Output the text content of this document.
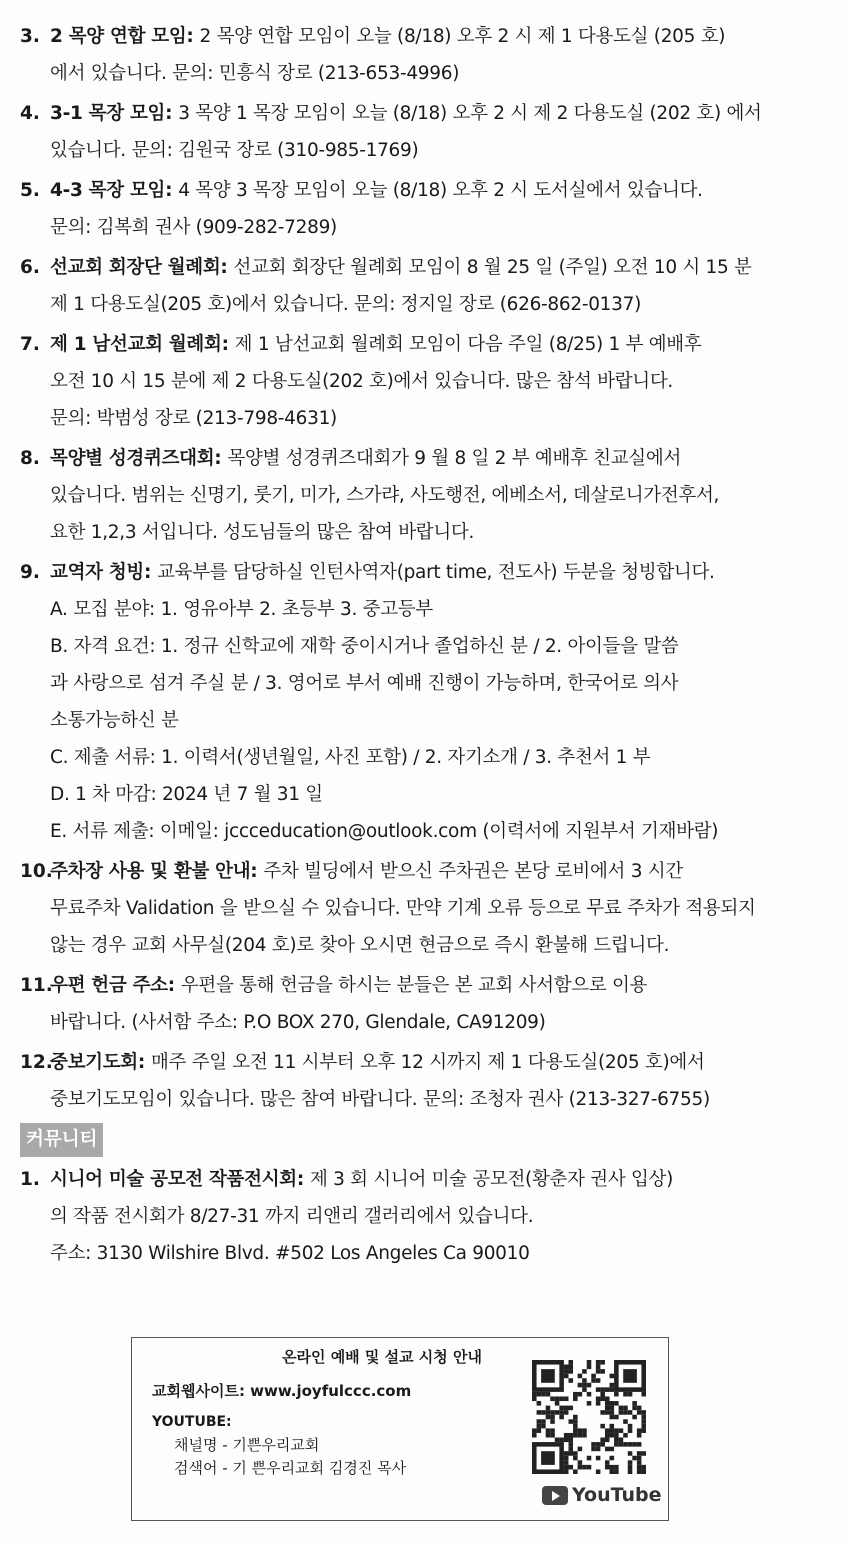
3. 2 목양 연합 모임: 2 목양 연합 모임이 오늘 (8/18) 오후 2 시 제 1 다용도실 (205 호)
에서 있습니다. 문의: 민흥식 장로 (213-653-4996)
4. 3-1 목장 모임: 3 목양 1 목장 모임이 오늘 (8/18) 오후 2 시 제 2 다용도실 (202 호) 에서
있습니다. 문의: 김원국 장로 (310-985-1769)
5. 4-3 목장 모임: 4 목양 3 목장 모임이 오늘 (8/18) 오후 2 시 도서실에서 있습니다.
문의: 김복희 권사 (909-282-7289)
6. 선교회 회장단 월례회: 선교회 회장단 월례회 모임이 8 월 25 일 (주일) 오전 10 시 15 분
제 1 다용도실(205 호)에서 있습니다. 문의: 정지일 장로 (626-862-0137)
7. 제 1 남선교회 월례회: 제 1 남선교회 월례회 모임이 다음 주일 (8/25) 1 부 예배후
오전 10 시 15 분에 제 2 다용도실(202 호)에서 있습니다. 많은 참석 바랍니다.
문의: 박범성 장로 (213-798-4631)
8. 목양별 성경퀴즈대회: 목양별 성경퀴즈대회가 9 월 8 일 2 부 예배후 친교실에서
있습니다. 범위는 신명기, 룻기, 미가, 스가랴, 사도행전, 에베소서, 데살로니가전후서,
요한 1,2,3 서입니다. 성도님들의 많은 참여 바랍니다.
9. 교역자 청빙: 교육부를 담당하실 인턴사역자(part time, 전도사) 두분을 청빙합니다.
A. 모집 분야: 1. 영유아부 2. 초등부 3. 중고등부
B. 자격 요건: 1. 정규 신학교에 재학 중이시거나 졸업하신 분 / 2. 아이들을 말씀
과 사랑으로 섬겨 주실 분 / 3. 영어로 부서 예배 진행이 가능하며, 한국어로 의사
소통가능하신 분
C. 제출 서류: 1. 이력서(생년월일, 사진 포함) / 2. 자기소개 / 3. 추천서 1 부
D. 1 차 마감: 2024 년 7 월 31 일
E. 서류 제출: 이메일: jccceducation@outlook.com (이력서에 지원부서 기재바람)
10.
주차장 사용 및 환불 안내: 주차 빌딩에서 받으신 주차권은 본당 로비에서 3 시간
무료주차 Validation 을 받으실 수 있습니다. 만약 기계 오류 등으로 무료 주차가 적용되지
않는 경우 교회 사무실(204 호)로 찾아 오시면 현금으로 즉시 환불해 드립니다.
11.
우편 헌금 주소: 우편을 통해 헌금을 하시는 분들은 본 교회 사서함으로 이용
바랍니다. (사서함 주소: P.O BOX 270, Glendale, CA91209)
12.
중보기도회: 매주 주일 오전 11 시부터 오후 12 시까지 제 1 다용도실(205 호)에서
중보기도모임이 있습니다. 많은 참여 바랍니다. 문의: 조청자 권사 (213-327-6755)
커뮤니티
1. 시니어 미술 공모전 작품전시회: 제 3 회 시니어 미술 공모전(황춘자 권사 입상)
의 작품 전시회가 8/27-31 까지 리앤리 갤러리에서 있습니다.
주소: 3130 Wilshire Blvd. #502 Los Angeles Ca 90010
온라인 예배 및 설교 시청 안내
교회웹사이트: www.joyfulccc.com
YOUTUBE:
채널명 - 기쁜우리교회
검색어 - 기 쁜우리교회 김경진 목사
YouTube
